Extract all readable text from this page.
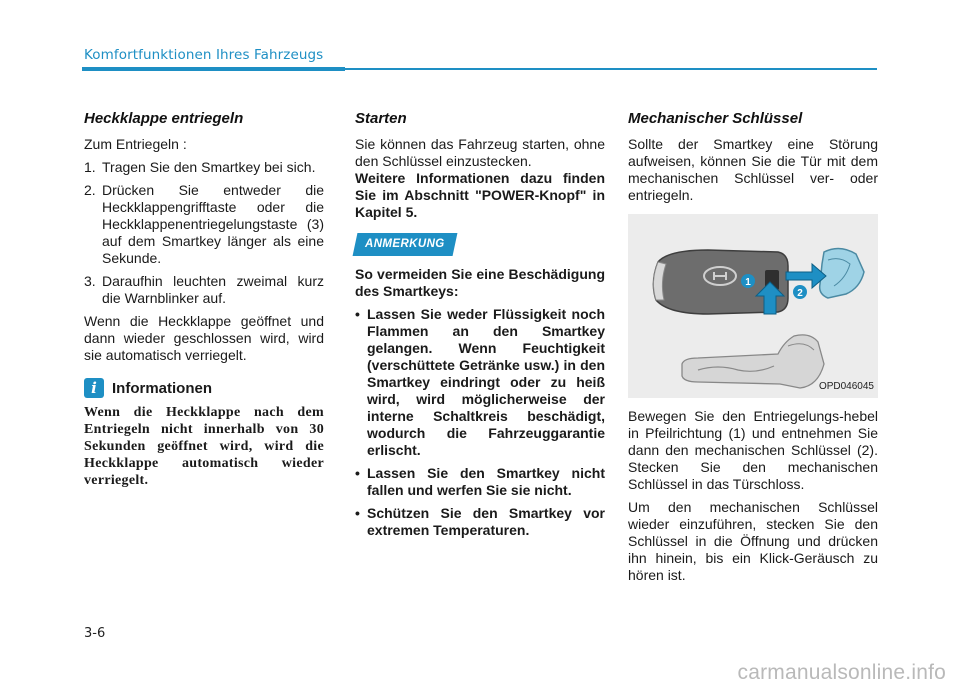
Komfortfunktionen Ihres Fahrzeugs
Heckklappe entriegeln

Zum Entriegeln :

1. Tragen Sie den Smartkey bei sich.
2. Drücken Sie entweder die Heckklappengrifftaste oder die Heckklappenentriegelungstaste (3) auf dem Smartkey länger als eine Sekunde.
3. Daraufhin leuchten zweimal kurz die Warnblinker auf.

Wenn die Heckklappe geöffnet und dann wieder geschlossen wird, wird sie automatisch verriegelt.

i	Informationen

Wenn die Heckklappe nach dem Entriegeln nicht innerhalb von 30 Sekunden geöffnet wird, wird die Heckklappe automatisch wieder verriegelt.

Starten

Sie können das Fahrzeug starten, ohne den Schlüssel einzustecken.

Weitere Informationen dazu finden Sie im Abschnitt "POWER-Knopf" in Kapitel 5.

ANMERKUNG

So vermeiden Sie eine Beschädigung des Smartkeys:

• Lassen Sie weder Flüssigkeit noch Flammen an den Smartkey gelangen. Wenn Feuchtigkeit (verschüttete Getränke usw.) in den Smartkey eindringt oder zu heiß wird, wird möglicherweise der interne Schaltkreis beschädigt, wodurch die Fahrzeuggarantie erlischt.
• Lassen Sie den Smartkey nicht fallen und werfen Sie sie nicht.
• Schützen Sie den Smartkey vor extremen Temperaturen.
Mechanischer Schlüssel

Sollte der Smartkey eine Störung aufweisen, können Sie die Tür mit dem mechanischen Schlüssel ver- oder entriegeln.

1
2
OPD046045

Bewegen Sie den Entriegelungs-hebel in Pfeilrichtung (1) und entnehmen Sie dann den mechanischen Schlüssel (2). Stecken Sie den mechanischen Schlüssel in das Türschloss.

Um den mechanischen Schlüssel wieder einzuführen, stecken Sie den Schlüssel in die Öffnung und drücken ihn hinein, bis ein Klick-Geräusch zu hören ist.

3-6
carmanualsonline.info
